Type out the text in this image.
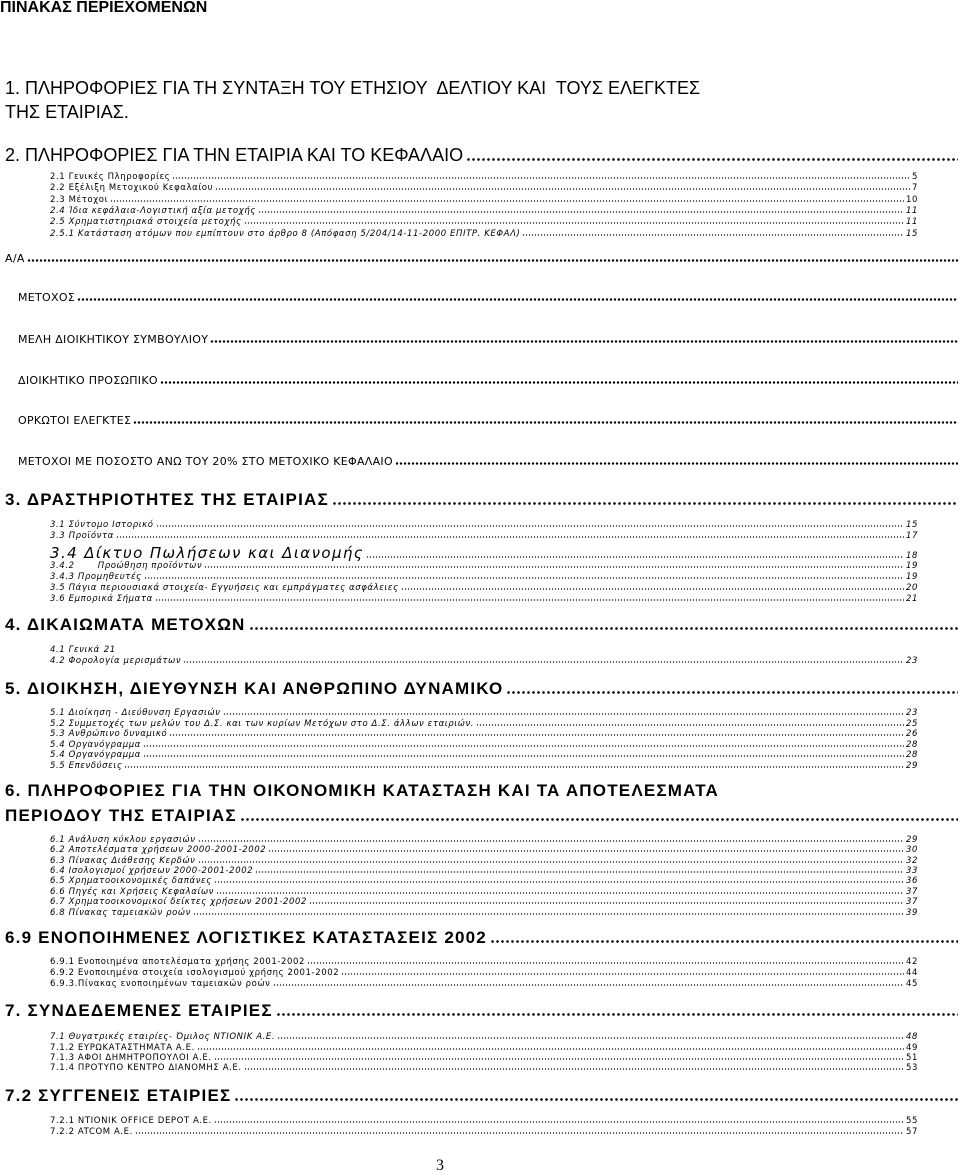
ΠΙΝΑΚΑΣ ΠΕΡΙΕΧΟΜΕΝΩΝ
1. ΠΛΗΡΟΦΟΡΙΕΣ ΓΙΑ ΤΗ ΣΥΝΤΑΞΗ ΤΟΥ ΕΤΗΣΙΟΥ  ΔΕΛΤΙΟΥ ΚΑΙ  ΤΟΥΣ ΕΛΕΓΚΤΕΣ
ΤΗΣ ΕΤΑΙΡΙΑΣ.
2. ΠΛΗΡΟΦΟΡΙΕΣ ΓΙΑ ΤΗΝ ΕΤΑΙΡΙΑ ΚΑΙ ΤΟ ΚΕΦΑΛΑΙΟ
2.1 Γενικές Πληροφορίες	5
2.2 Εξέλιξη Μετοχικού Κεφαλαίου	7
2.3 Μέτοχοι	10
2.4 Ίδια κεφάλαια-Λογιστική αξία μετοχής	11
2.5 Χρηματιστηριακά στοιχεία μετοχής	11
2.5.1 Κατάσταση ατόμων που εμπίπτουν στο άρθρο 8 (Απόφαση 5/204/14-11-2000 ΕΠΙΤΡ. ΚΕΦΑΛ)	15
Α/Α
ΜΕΤΟΧΟΣ
ΜΕΛΗ ΔΙΟΙΚΗΤΙΚΟΥ ΣΥΜΒΟΥΛΙΟΥ
ΔΙΟΙΚΗΤΙΚΟ ΠΡΟΣΩΠΙΚΟ
ΟΡΚΩΤΟΙ ΕΛΕΓΚΤΕΣ
ΜΕΤΟΧΟΙ ΜΕ ΠΟΣΟΣΤΟ ΑΝΩ ΤΟΥ 20% ΣΤΟ ΜΕΤΟΧΙΚΟ ΚΕΦΑΛΑΙΟ
3. ΔΡΑΣΤΗΡΙΟΤΗΤΕΣ ΤΗΣ ΕΤΑΙΡΙΑΣ
3.1 Σύντομο Ιστορικό	15
3.3 Προϊόντα	17
3.4 Δίκτυο Πωλήσεων και Διανομής	18
3.4.2       Προώθηση προϊόντων	19
3.4.3 Προμηθευτές	19
3.5 Πάγια περιουσιακά στοιχεία- Εγγυήσεις και εμπράγματες ασφάλειες	20
3.6 Εμπορικά Σήματα	21
4. ΔΙΚΑΙΩΜΑΤΑ ΜΕΤΟΧΩΝ
4.1 Γενικά 21
4.2 Φορολογία μερισμάτων	23
5. ΔΙΟΙΚΗΣΗ, ΔΙΕΥΘΥΝΣΗ ΚΑΙ ΑΝΘΡΩΠΙΝΟ ΔΥΝΑΜΙΚΟ
5.1 Διοίκηση - Διεύθυνση Εργασιών	23
5.2 Συμμετοχές των μελών του Δ.Σ. και των κυρίων Μετόχων στο Δ.Σ. άλλων εταιριών.	25
5.3 Ανθρώπινο δυναμικό	26
5.4 Οργανόγραμμα	28
5.4 Οργανόγραμμα	28
5.5 Επενδύσεις	29
6. ΠΛΗΡΟΦΟΡΙΕΣ ΓΙΑ ΤΗΝ ΟΙΚΟΝΟΜΙΚΗ ΚΑΤΑΣΤΑΣΗ ΚΑΙ ΤΑ ΑΠΟΤΕΛΕΣΜΑΤΑ
ΠΕΡΙΟΔΟΥ ΤΗΣ ΕΤΑΙΡΙΑΣ
6.1 Ανάλυση κύκλου εργασιών	29
6.2 Αποτελέσματα χρήσεων 2000-2001-2002	30
6.3 Πίνακας Διάθεσης Κερδών	32
6.4 Ισολογισμοί χρήσεων 2000-2001-2002	33
6.5 Χρηματοοικονομικές δαπάνες	36
6.6 Πηγές και Χρήσεις Κεφαλαίων	37
6.7 Χρηματοοικονομικοί δείκτες χρήσεων 2001-2002	37
6.8 Πίνακας ταμειακών ροών	39
6.9 ΕΝΟΠΟΙΗΜΕΝΕΣ ΛΟΓΙΣΤΙΚΕΣ ΚΑΤΑΣΤΑΣΕΙΣ 2002
6.9.1 Ενοποιημένα αποτελέσματα χρήσης 2001-2002	42
6.9.2 Ενοποιημένα στοιχεία ισολογισμού χρήσης 2001-2002	44
6.9.3.Πίνακας ενοποιημένων ταμειακών ροών	45
7. ΣΥΝΔΕΔΕΜΕΝΕΣ ΕΤΑΙΡΙΕΣ
7.1 Θυγατρικές εταιρίες- Όμιλος ΝΤΙΟΝΙΚ Α.Ε.	48
7.1.2 ΕΥΡΩΚΑΤΑΣΤΗΜΑΤΑ Α.Ε.	49
7.1.3 ΑΦΟΙ ΔΗΜΗΤΡΟΠΟΥΛΟΙ Α.Ε.	51
7.1.4 ΠΡΟΤΥΠΟ ΚΕΝΤΡΟ ΔΙΑΝΟΜΗΣ Α.Ε.	53
7.2 ΣΥΓΓΕΝΕΙΣ ΕΤΑΙΡΙΕΣ
7.2.1 ΝΤΙΟΝΙΚ OFFICE DEPOT A.E.	55
7.2.2 ATCOM A.E.	57
3
